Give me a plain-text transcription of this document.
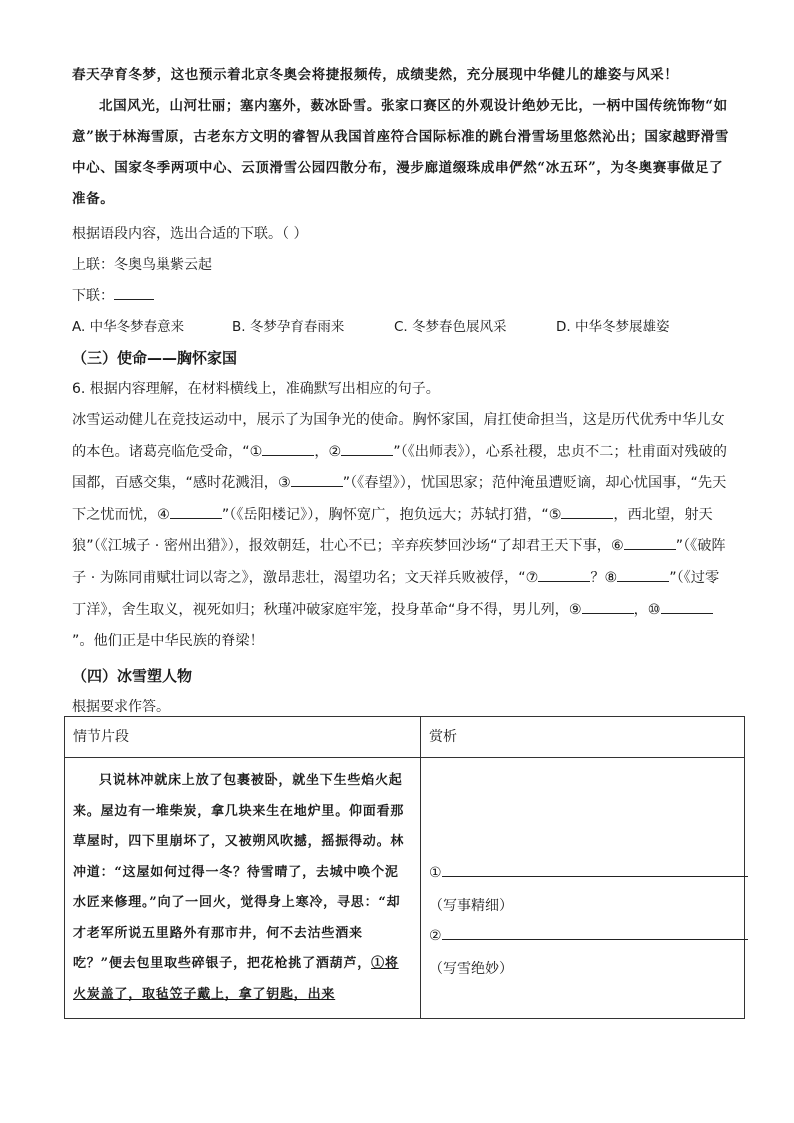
春天孕育冬梦，这也预示着北京冬奥会将捷报频传，成绩斐然，充分展现中华健儿的雄姿与风采！
北国风光，山河壮丽；塞内塞外，薮冰卧雪。张家口赛区的外观设计绝妙无比，一柄中国传统饰物“如意”嵌于林海雪原，古老东方文明的睿智从我国首座符合国际标准的跳台滑雪场里悠然沁出；国家越野滑雪中心、国家冬季两项中心、云顶滑雪公园四散分布，漫步廊道缀珠成串俨然“冰五环”，为冬奥赛事做足了准备。
根据语段内容，选出合适的下联。（ ）
上联：冬奥鸟巢紫云起
下联：
A. 中华冬梦春意来	B. 冬梦孕育春雨来	C. 冬梦春色展风采	D. 中华冬梦展雄姿
（三）使命——胸怀家国
6. 根据内容理解，在材料横线上，准确默写出相应的句子。
冰雪运动健儿在竞技运动中，展示了为国争光的使命。胸怀家国，肩扛使命担当，这是历代优秀中华儿女的本色。诸葛亮临危受命，“①	，②	”（《出师表》），心系社稷，忠贞不二；杜甫面对残破的国都，百感交集，“感时花溅泪，③	”（《春望》），忧国思家；范仲淹虽遭贬谪，却心忧国事，“先天下之忧而忧，④	”（《岳阳楼记》），胸怀宽广，抱负远大；苏轼打猎，“⑤	，西北望，射天狼”（《江城子 · 密州出猎》），报效朝廷，壮心不已；辛弃疾梦回沙场“了却君王天下事，⑥	”（《破阵子 · 为陈同甫赋壮词以寄之》，激昂悲壮，渴望功名；文天祥兵败被俘，“⑦	？⑧	”（《过零丁洋》，舍生取义，视死如归；秋瑾冲破家庭牢笼，投身革命“身不得，男儿列，⑨	，⑩”。他们正是中华民族的脊梁！
（四）冰雪塑人物
根据要求作答。
情节片段	赏析

只说林冲就床上放了包裹被卧，就坐下生些焰火起来。屋边有一堆柴炭，拿几块来生在地炉里。仰面看那草屋时，四下里崩坏了，又被朔风吹撼，摇振得动。林冲道：“这屋如何过得一冬？待雪晴了，去城中唤个泥水匠来修理。”向了一回火，觉得身上寒冷，寻思：“却才老军所说五里路外有那市井，何不去沽些酒来吃？”便去包里取些碎银子，把花枪挑了酒葫芦，①将火炭盖了，取毡笠子戴上，拿了钥匙，出来	①
（写事精细）
②
（写雪绝妙）
